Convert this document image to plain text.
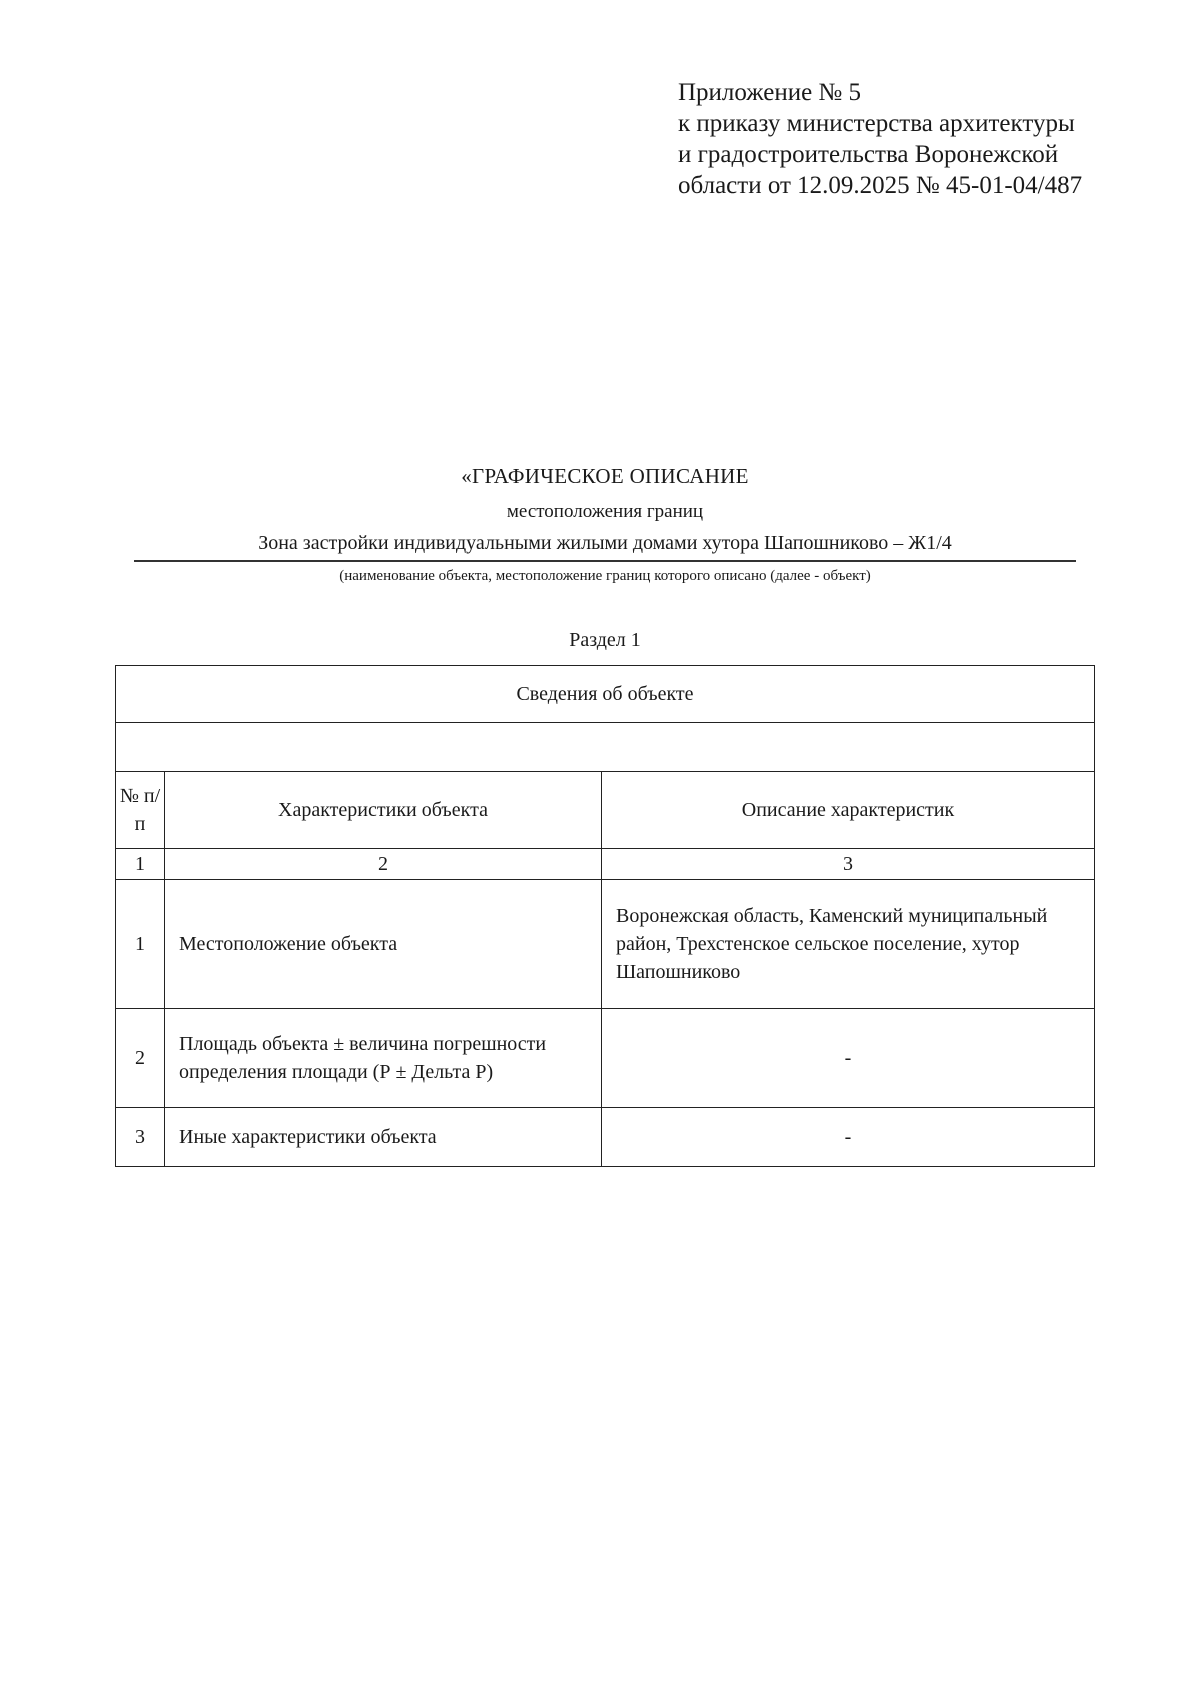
Приложение № 5
к приказу министерства архитектуры
и градостроительства Воронежской
области от 12.09.2025 № 45-01-04/487
«ГРАФИЧЕСКОЕ ОПИСАНИЕ
местоположения границ
Зона застройки индивидуальными жилыми домами хутора Шапошниково – Ж1/4
(наименование объекта, местоположение границ которого описано (далее - объект)
Раздел 1
Сведения об объекте		

№ п/п	Характеристики объекта	Описание характеристик
1	2	3
1	Местоположение объекта	Воронежская область, Каменский муниципальный район, Трехстенское сельское поселение, хутор Шапошниково
2	Площадь объекта ± величина погрешности определения площади (Р ± Дельта Р)	-
3	Иные характеристики объекта	-
